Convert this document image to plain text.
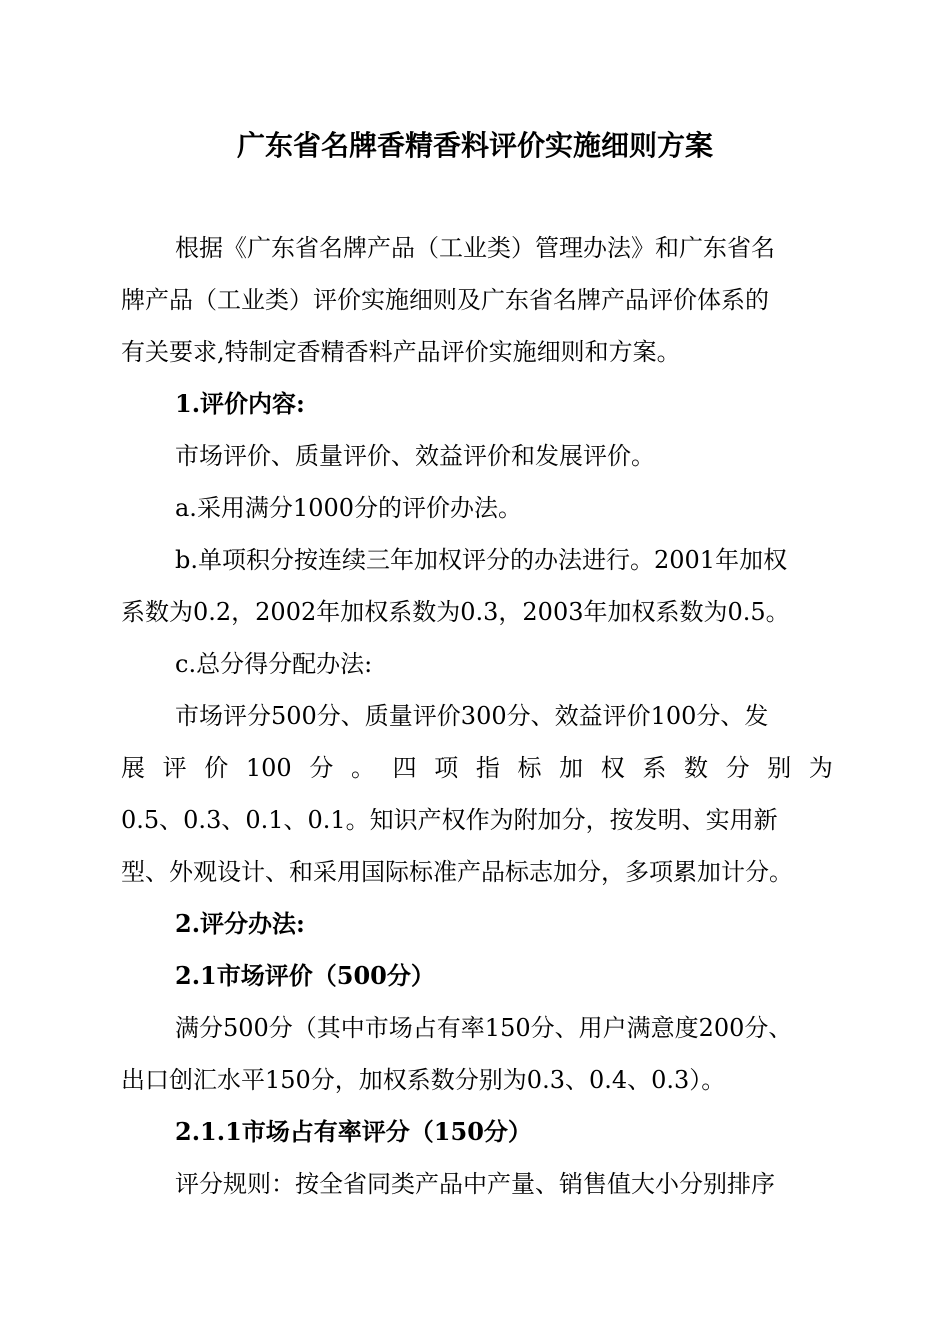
广东省名牌香精香料评价实施细则方案
根据《广东省名牌产品（工业类）管理办法》和广东省名
牌产品（工业类）评价实施细则及广东省名牌产品评价体系的
有关要求,特制定香精香料产品评价实施细则和方案。
1.评价内容:
市场评价、质量评价、效益评价和发展评价。
a.采用满分1000分的评价办法。
b.单项积分按连续三年加权评分的办法进行。2001年加权
系数为0.2，2002年加权系数为0.3，2003年加权系数为0.5。
c.总分得分配办法:
市场评分500分、质量评价300分、效益评价100分、发
展 评 价 100 分 。 四 项 指 标 加 权 系 数 分 别 为
0.5、0.3、0.1、0.1。知识产权作为附加分，按发明、实用新
型、外观设计、和采用国际标准产品标志加分，多项累加计分。
2.评分办法:
2.1市场评价（500分）
满分500分（其中市场占有率150分、用户满意度200分、
出口创汇水平150分，加权系数分别为0.3、0.4、0.3）。
2.1.1市场占有率评分（150分）
评分规则：按全省同类产品中产量、销售值大小分别排序
